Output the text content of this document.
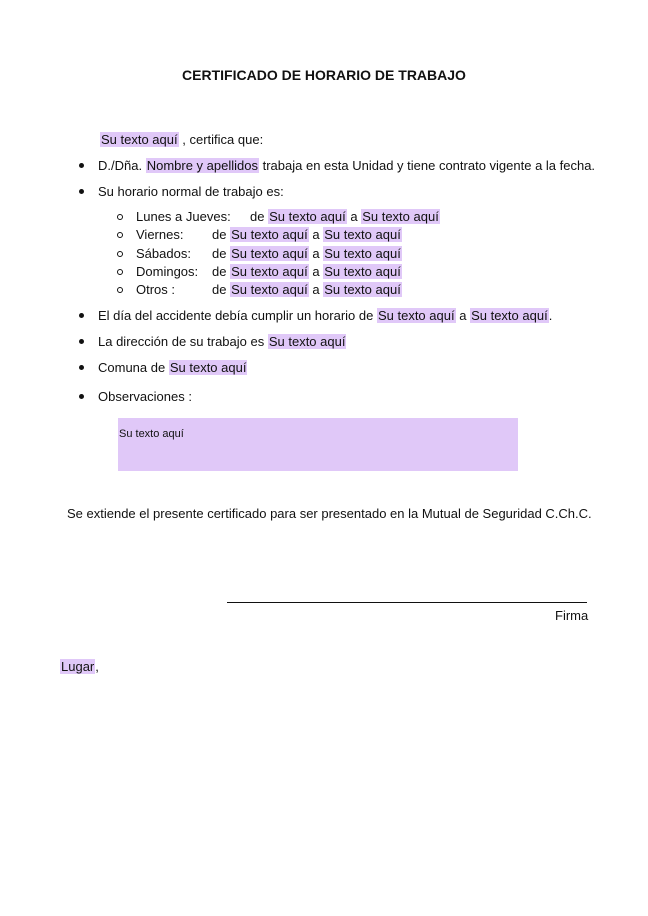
CERTIFICADO DE HORARIO DE TRABAJO
Su texto aquí , certifica que:
D./Dña. Nombre y apellidos trabaja en esta Unidad y tiene contrato vigente a la fecha.
Su horario normal de trabajo es:
Lunes a Jueves: de Su texto aquí a Su texto aquí
Viernes: de Su texto aquí a Su texto aquí
Sábados: de Su texto aquí a Su texto aquí
Domingos: de Su texto aquí a Su texto aquí
Otros :	de Su texto aquí a Su texto aquí
El día del accidente debía cumplir un horario de Su texto aquí a Su texto aquí.
La dirección de su trabajo es Su texto aquí
Comuna de Su texto aquí
Observaciones :
Su texto aquí
Se extiende el presente certificado para ser presentado en la Mutual de Seguridad C.Ch.C.
Firma
Lugar,
